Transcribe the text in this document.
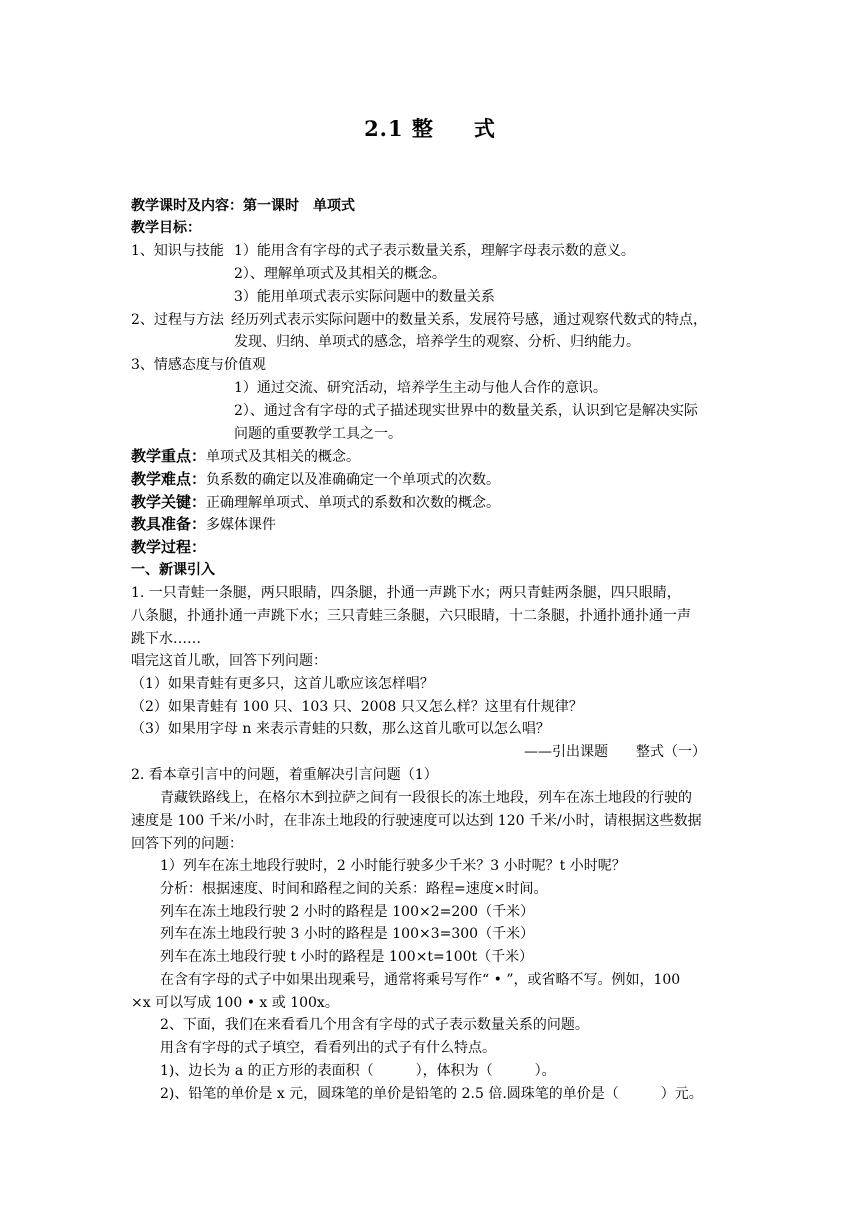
2.1 整 式
教学课时及内容：第一课时　单项式
教学目标：
1、知识与技能 1）能用含有字母的式子表示数量关系，理解字母表示数的意义。
2）、理解单项式及其相关的概念。
3）能用单项式表示实际问题中的数量关系
2、过程与方法 经历列式表示实际问题中的数量关系，发展符号感，通过观察代数式的特点，
发现、归纳、单项式的感念，培养学生的观察、分析、归纳能力。
3、情感态度与价值观
1）通过交流、研究活动，培养学生主动与他人合作的意识。
2）、通过含有字母的式子描述现实世界中的数量关系，认识到它是解决实际
问题的重要教学工具之一。
教学重点：单项式及其相关的概念。
教学难点：负系数的确定以及准确确定一个单项式的次数。
教学关键：正确理解单项式、单项式的系数和次数的概念。
教具准备：多媒体课件
教学过程：
一、新课引入
1. 一只青蛙一条腿，两只眼睛，四条腿，扑通一声跳下水；两只青蛙两条腿，四只眼睛，
八条腿，扑通扑通一声跳下水；三只青蛙三条腿，六只眼睛，十二条腿，扑通扑通扑通一声
跳下水……
唱完这首儿歌，回答下列问题：
（1）如果青蛙有更多只，这首儿歌应该怎样唱？
（2）如果青蛙有 100 只、103 只、2008 只又怎么样？这里有什规律？
（3）如果用字母 n 来表示青蛙的只数，那么这首儿歌可以怎么唱？
——引出课题　　整式（一）
2. 看本章引言中的问题，着重解决引言问题（1）
青藏铁路线上，在格尔木到拉萨之间有一段很长的冻土地段，列车在冻土地段的行驶的
速度是 100 千米/小时，在非冻土地段的行驶速度可以达到 120 千米/小时，请根据这些数据
回答下列的问题：
1）列车在冻土地段行驶时，2 小时能行驶多少千米？3 小时呢？t 小时呢？
分析：根据速度、时间和路程之间的关系：路程=速度×时间。
列车在冻土地段行驶 2 小时的路程是 100×2=200（千米）
列车在冻土地段行驶 3 小时的路程是 100×3=300（千米）
列车在冻土地段行驶 t 小时的路程是 100×t=100t（千米）
在含有字母的式子中如果出现乘号，通常将乘号写作“ • ”，或省略不写。例如，100
×x 可以写成 100 • x 或 100x。
2、下面，我们在来看看几个用含有字母的式子表示数量关系的问题。
用含有字母的式子填空，看看列出的式子有什么特点。
1)、边长为 a 的正方形的表面积（　　　），体积为（　　　）。
2)、铅笔的单价是 x 元，圆珠笔的单价是铅笔的 2.5 倍.圆珠笔的单价是（　　　）元。
